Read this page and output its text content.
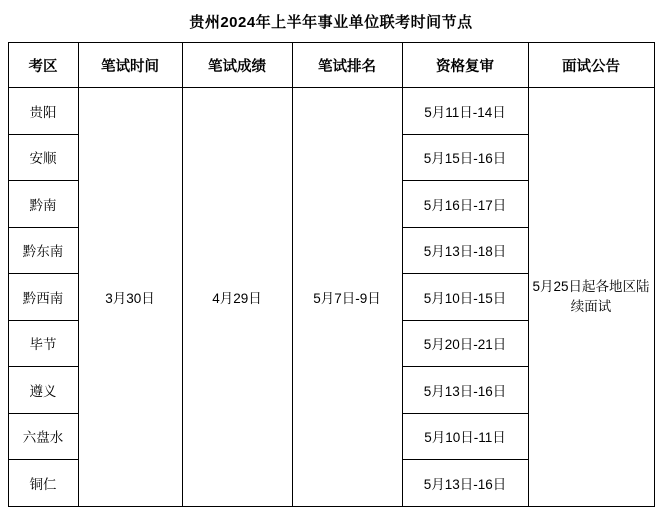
贵州2024年上半年事业单位联考时间节点
考区	笔试时间	笔试成绩	笔试排名	资格复审	面试公告
贵阳	3月30日	4月29日	5月7日-9日	5月11日-14日	5月25日起各地区陆续面试
安顺				5月15日-16日	
黔南				5月16日-17日	
黔东南				5月13日-18日	
黔西南				5月10日-15日	
毕节				5月20日-21日	
遵义				5月13日-16日	
六盘水				5月10日-11日	
铜仁				5月13日-16日	
